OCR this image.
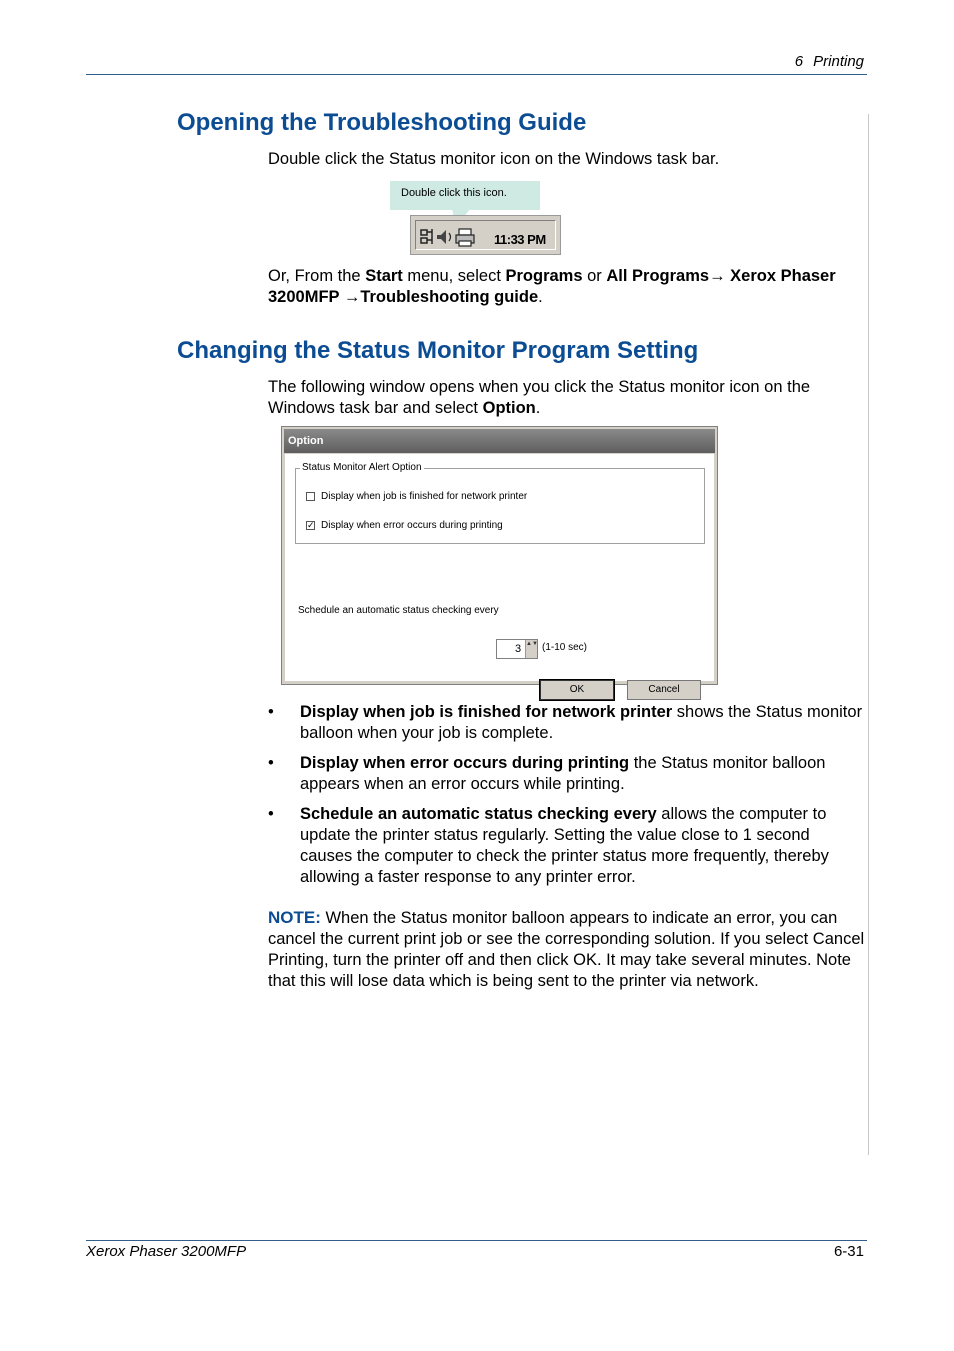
6 Printing
Opening the Troubleshooting Guide
Double click the Status monitor icon on the Windows task bar.
Double click this icon.
11:33 PM
Or, From the Start menu, select Programs or All Programs→ Xerox Phaser 3200MFP →Troubleshooting guide.
Changing the Status Monitor Program Setting
The following window opens when you click the Status monitor icon on the Windows task bar and select Option.
Option
Status Monitor Alert Option
Display when job is finished for network printer
✓ Display when error occurs during printing
Schedule an automatic status checking every
3 ▲▼ (1-10 sec)
OK	Cancel
• Display when job is finished for network printer shows the Status monitor balloon when your job is complete.
• Display when error occurs during printing the Status monitor balloon appears when an error occurs while printing.
• Schedule an automatic status checking every allows the computer to update the printer status regularly. Setting the value close to 1 second causes the computer to check the printer status more frequently, thereby allowing a faster response to any printer error.
NOTE: When the Status monitor balloon appears to indicate an error, you can cancel the current print job or see the corresponding solution. If you select Cancel Printing, turn the printer off and then click OK. It may take several minutes. Note that this will lose data which is being sent to the printer via network.
Xerox Phaser 3200MFP	6-31
